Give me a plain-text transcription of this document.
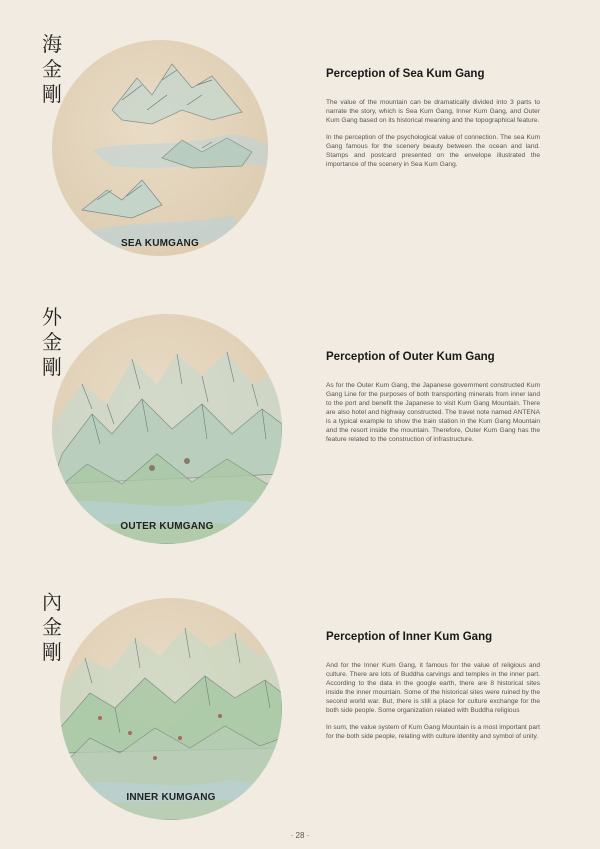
海
金
剛
SEA KUMGANG
Perception of Sea Kum Gang

The value of the mountain can be dramatically divided into 3 parts to narrate the story, which is Sea Kum Gang, Inner Kum Gang, and Outer Kum Gang based on its historical meaning and the topographical feature.

In the perception of the psychological value of connection. The sea Kum Gang famous for the scenery beauty between the ocean and land. Stamps and postcard presented on the envelope illustrated the importance of the scenery in Sea Kum Gang.

外
金
剛
OUTER KUMGANG
Perception of Outer Kum Gang

As for the Outer Kum Gang, the Japanese government constructed Kum Gang Line for the purposes of both transporting minerals from inner land to the port and benefit the Japanese to visit Kum Gang Mountain. There are also hotel and highway constructed. The travel note named ANTENA is a typical example to show the train station in the Kum Gang Mountain and the resort inside the mountain. Therefore, Outer Kum Gang has the feature related to the construction of infrastructure.

內
金
剛
INNER KUMGANG
Perception of Inner Kum Gang

And for the Inner Kum Gang, it famous for the value of religious and culture. There are lots of Buddha carvings and temples in the inner part. According to the data in the google earth, there are 8 historical sites inside the inner mountain. Some of the historical sites were ruined by the second world war. But, there is still a place for culture exchange for the both side people. Some organization related with Buddha religious

In sum, the value system of Kum Gang Mountain is a most important part for the both side people, relating with culture identity and symbol of unity.

· 28 ·
